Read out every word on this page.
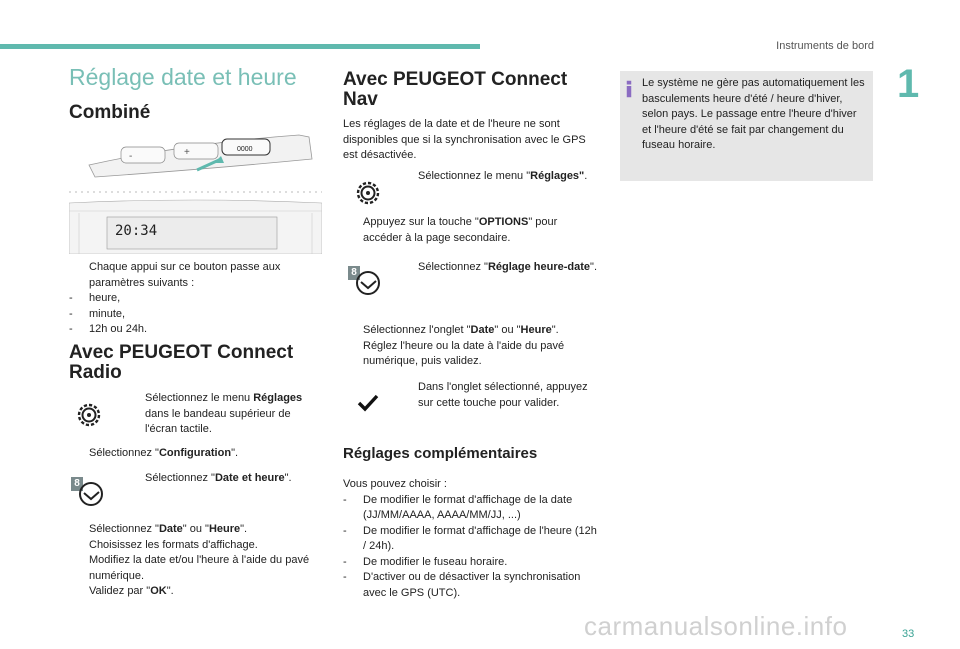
Instruments de bord
1
Réglage date et heure
Combiné
-	+	0000
20:34
Chaque appui sur ce bouton passe aux paramètres suivants :
- heure,
- minute,
- 12h ou 24h.
Avec PEUGEOT Connect Radio
Sélectionnez le menu Réglages dans le bandeau supérieur de l'écran tactile.
Sélectionnez "Configuration".
8	Sélectionnez "Date et heure".
Sélectionnez "Date" ou "Heure".
Choisissez les formats d'affichage.
Modifiez la date et/ou l'heure à l'aide du pavé numérique.
Validez par "OK".
Avec PEUGEOT Connect Nav
Les réglages de la date et de l'heure ne sont disponibles que si la synchronisation avec le GPS est désactivée.
Sélectionnez le menu "Réglages".
Appuyez sur la touche "OPTIONS" pour accéder à la page secondaire.
8	Sélectionnez "Réglage heure-date".
Sélectionnez l'onglet "Date" ou "Heure".
Réglez l'heure ou la date à l'aide du pavé numérique, puis validez.
Dans l'onglet sélectionné, appuyez sur cette touche pour valider.
Réglages complémentaires
Vous pouvez choisir :
- De modifier le format d'affichage de la date (JJ/MM/AAAA, AAAA/MM/JJ, ...)
- De modifier le format d'affichage de l'heure (12h / 24h).
- De modifier le fuseau horaire.
- D'activer ou de désactiver la synchronisation avec le GPS (UTC).
Le système ne gère pas automatiquement les basculements heure d'été / heure d'hiver, selon pays. Le passage entre l'heure d'hiver et l'heure d'été se fait par changement du fuseau horaire.
33
carmanualsonline.info
